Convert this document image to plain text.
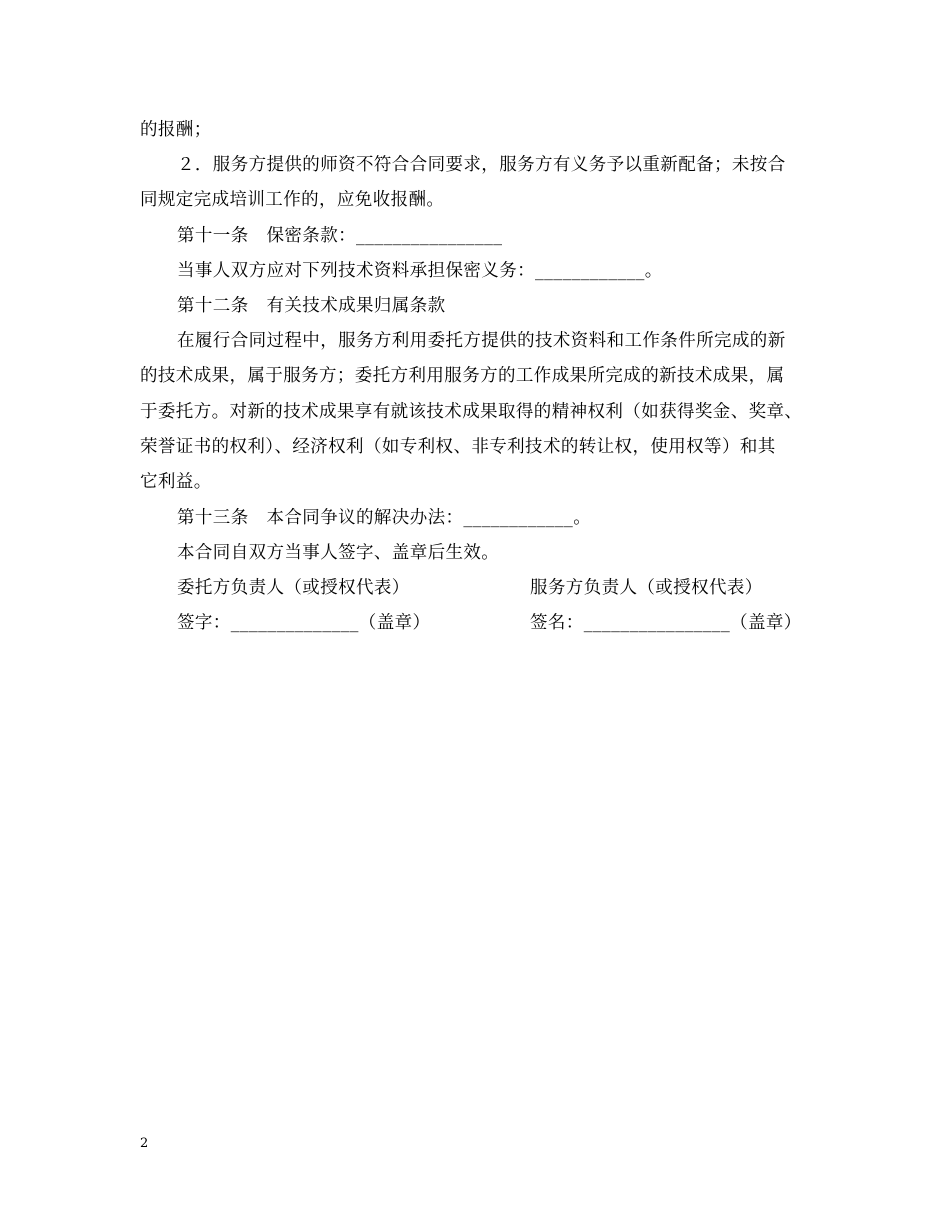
的报酬；
２．服务方提供的师资不符合合同要求，服务方有义务予以重新配备；未按合
同规定完成培训工作的，应免收报酬。
第十一条　保密条款：________________
当事人双方应对下列技术资料承担保密义务：____________。
第十二条　有关技术成果归属条款
在履行合同过程中，服务方利用委托方提供的技术资料和工作条件所完成的新
的技术成果，属于服务方；委托方利用服务方的工作成果所完成的新技术成果，属
于委托方。对新的技术成果享有就该技术成果取得的精神权利（如获得奖金、奖章、
荣誉证书的权利）、经济权利（如专利权、非专利技术的转让权，使用权等）和其
它利益。
第十三条　本合同争议的解决办法：____________。
本合同自双方当事人签字、盖章后生效。
委托方负责人（或授权代表）	服务方负责人（或授权代表）
签字：______________（盖章）	签名：________________（盖章）
2
